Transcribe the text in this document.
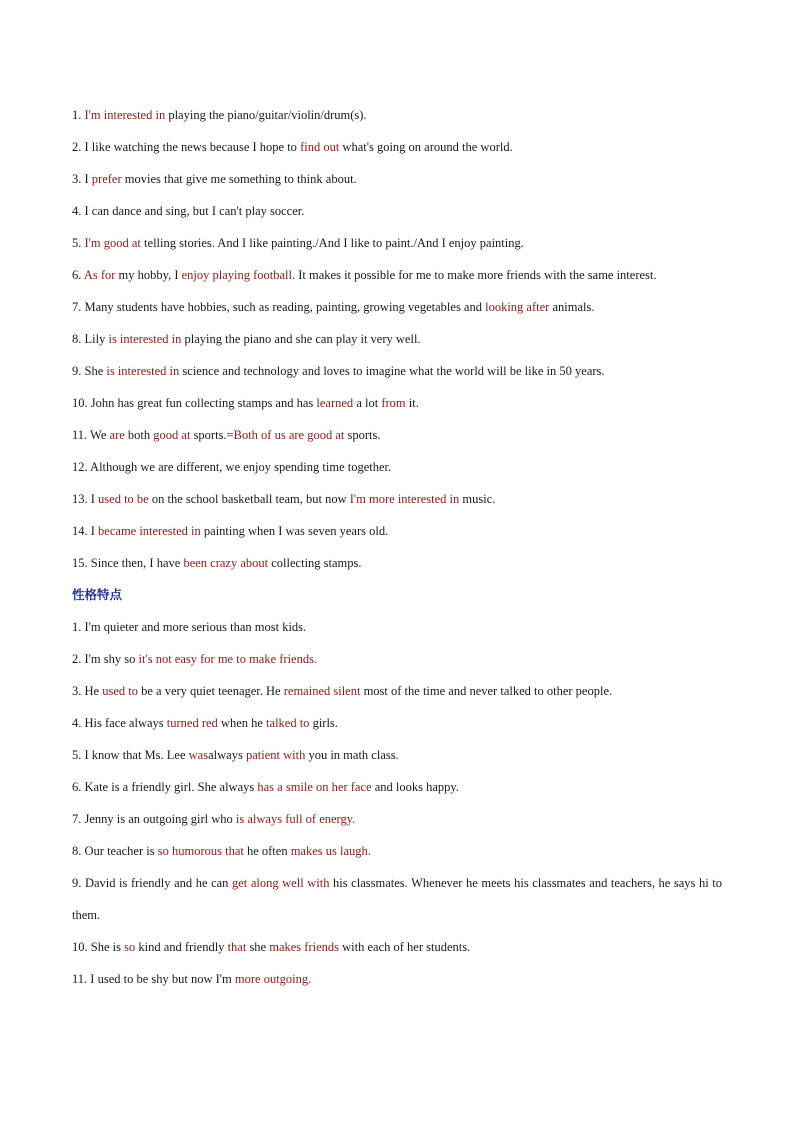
1. I'm interested in playing the piano/guitar/violin/drum(s).

2. I like watching the news because I hope to find out what's going on around the world.

3. I prefer movies that give me something to think about.

4. I can dance and sing, but I can't play soccer.

5. I'm good at telling stories. And I like painting./And I like to paint./And I enjoy painting.

6. As for my hobby, I enjoy playing football. It makes it possible for me to make more friends with the same interest.

7. Many students have hobbies, such as reading, painting, growing vegetables and looking after animals.

8. Lily is interested in playing the piano and she can play it very well.

9. She is interested in science and technology and loves to imagine what the world will be like in 50 years.

10. John has great fun collecting stamps and has learned a lot from it.

11. We are both good at sports.=Both of us are good at sports.

12. Although we are different, we enjoy spending time together.

13. I used to be on the school basketball team, but now I'm more interested in music.

14. I became interested in painting when I was seven years old.

15. Since then, I have been crazy about collecting stamps.

性格特点

1. I'm quieter and more serious than most kids.

2. I'm shy so it's not easy for me to make friends.

3. He used to be a very quiet teenager. He remained silent most of the time and never talked to other people.

4. His face always turned red when he talked to girls.

5. I know that Ms. Lee wasalways patient with you in math class.

6. Kate is a friendly girl. She always has a smile on her face and looks happy.

7. Jenny is an outgoing girl who is always full of energy.

8. Our teacher is so humorous that he often makes us laugh.

9. David is friendly and he can get along well with his classmates. Whenever he meets his classmates and teachers, he says hi to them.

10. She is so kind and friendly that she makes friends with each of her students.

11. I used to be shy but now I'm more outgoing.
